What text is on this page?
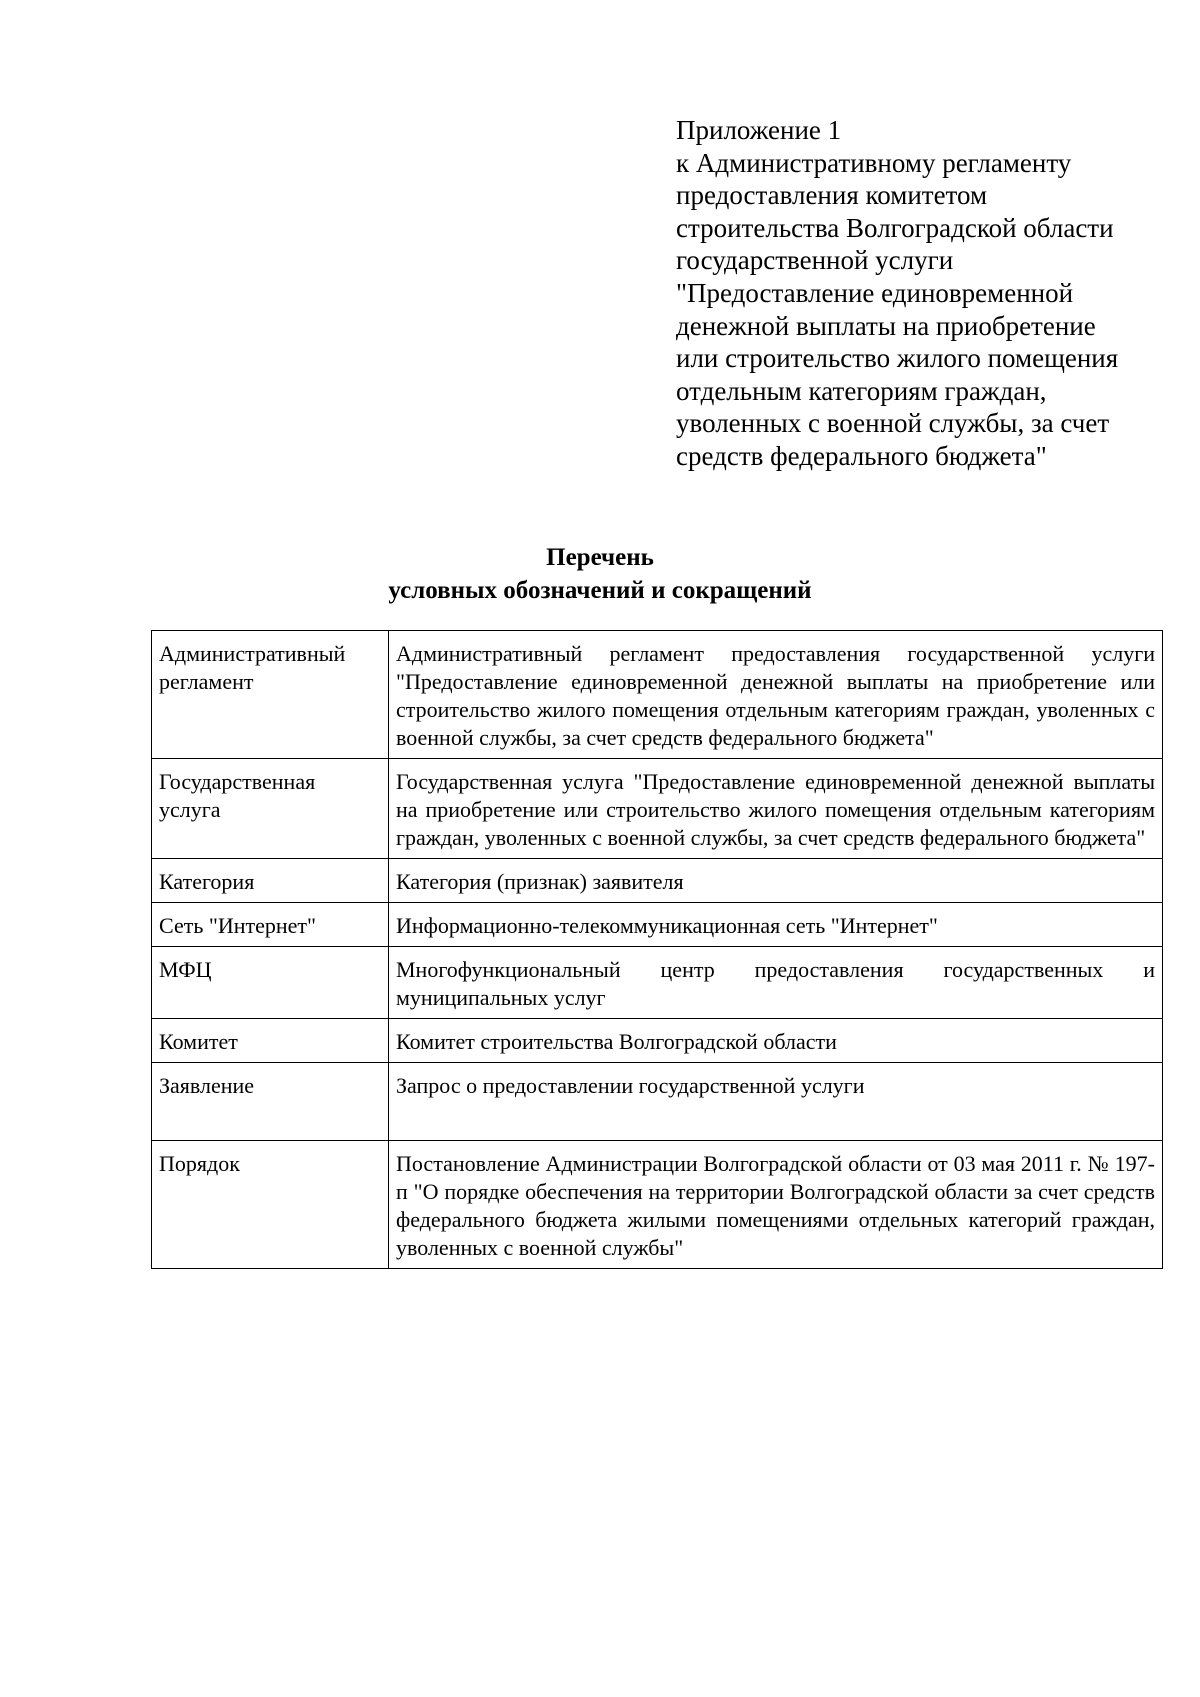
Приложение 1
к Административному регламенту
предоставления комитетом
строительства Волгоградской области
государственной услуги
"Предоставление единовременной
денежной выплаты на приобретение
или строительство жилого помещения
отдельным категориям граждан,
уволенных с военной службы, за счет
средств федерального бюджета"
Перечень
условных обозначений и сокращений
Административный регламент	Административный регламент предоставления государственной услуги "Предоставление единовременной денежной выплаты на приобретение или строительство жилого помещения отдельным категориям граждан, уволенных с военной службы, за счет средств федерального бюджета"
Государственная услуга	Государственная услуга "Предоставление единовременной денежной выплаты на приобретение или строительство жилого помещения отдельным категориям граждан, уволенных с военной службы, за счет средств федерального бюджета"
Категория	Категория (признак) заявителя
Сеть "Интернет"	Информационно-телекоммуникационная сеть "Интернет"
МФЦ	Многофункциональный центр предоставления государственных и муниципальных услуг
Комитет	Комитет строительства Волгоградской области
Заявление	Запрос о предоставлении государственной услуги
Порядок	Постановление Администрации Волгоградской области от 03 мая 2011 г. № 197-п "О порядке обеспечения на территории Волгоградской области за счет средств федерального бюджета жилыми помещениями отдельных категорий граждан, уволенных с военной службы"
